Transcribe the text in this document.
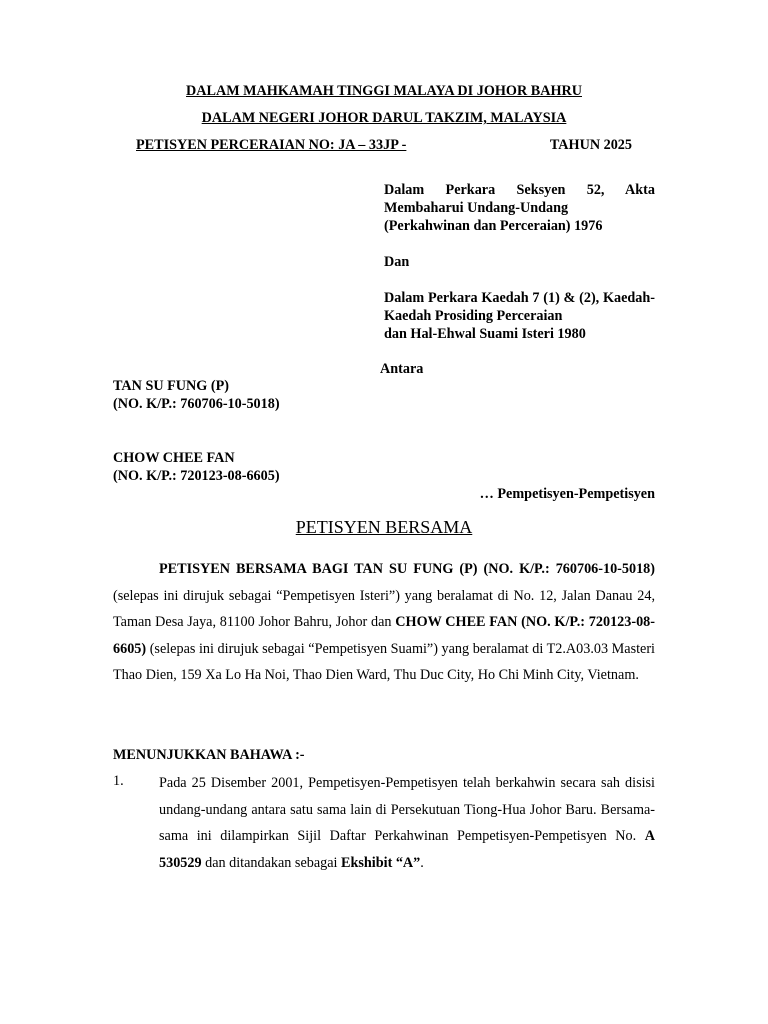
DALAM MAHKAMAH TINGGI MALAYA DI JOHOR BAHRU
DALAM NEGERI JOHOR DARUL TAKZIM, MALAYSIA
PETISYEN PERCERAIAN NO: JA – 33JP -	TAHUN 2025
Dalam Perkara Seksyen 52, Akta Membaharui Undang-Undang
(Perkahwinan dan Perceraian) 1976
Dan
Dalam Perkara Kaedah 7 (1) & (2), Kaedah-Kaedah Prosiding Perceraian
dan Hal-Ehwal Suami Isteri 1980
Antara
TAN SU FUNG (P)
(NO. K/P.: 760706-10-5018)
CHOW CHEE FAN
(NO. K/P.: 720123-08-6605)
… Pempetisyen-Pempetisyen
PETISYEN BERSAMA
PETISYEN BERSAMA BAGI TAN SU FUNG (P) (NO. K/P.: 760706-10-5018) (selepas ini dirujuk sebagai “Pempetisyen Isteri”) yang beralamat di No. 12, Jalan Danau 24, Taman Desa Jaya, 81100 Johor Bahru, Johor dan CHOW CHEE FAN (NO. K/P.: 720123-08-6605) (selepas ini dirujuk sebagai “Pempetisyen Suami”) yang beralamat di T2.A03.03 Masteri Thao Dien, 159 Xa Lo Ha Noi, Thao Dien Ward, Thu Duc City, Ho Chi Minh City, Vietnam.
MENUNJUKKAN BAHAWA :-
1. Pada 25 Disember 2001, Pempetisyen-Pempetisyen telah berkahwin secara sah disisi undang-undang antara satu sama lain di Persekutuan Tiong-Hua Johor Baru. Bersama-sama ini dilampirkan Sijil Daftar Perkahwinan Pempetisyen-Pempetisyen No. A 530529 dan ditandakan sebagai Ekshibit “A”.
